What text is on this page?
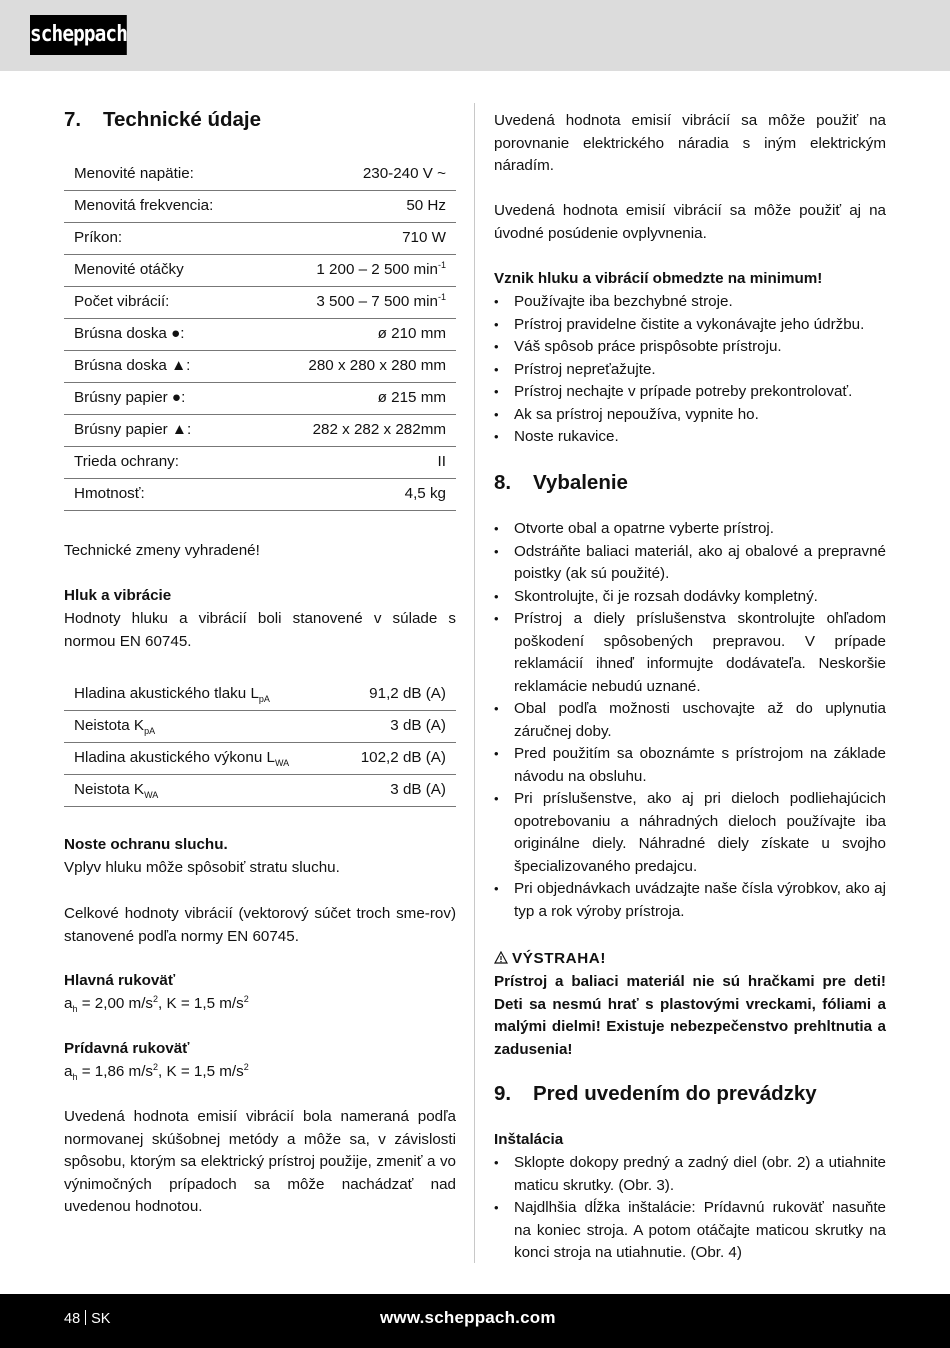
scheppach
7.	Technické údaje
Menovité napätie:	230-240 V ~
Menovitá frekvencia:	50 Hz
Príkon:	710 W
Menovité otáčky	1 200 – 2 500 $\min^{-1}$
Počet vibrácií:	3 500 – 7 500 $\min^{-1}$
Brúsna doska ●:	ø 210 mm
Brúsna doska ▲:	280 x 280 x 280 mm
Brúsny papier ●:	ø 215 mm
Brúsny papier ▲:	282 x 282 x 282mm
Trieda ochrany:	II
Hmotnosť:	4,5 kg

Technické zmeny vyhradené!

Hluk a vibrácie

Hodnoty hluku a vibrácií boli stanovené v súlade s normou EN 60745.

Hladina akustického tlaku $L_{pA}$	91,2 dB (A)
Neistota $K_{pA}$	3 dB (A)
Hladina akustického výkonu $L_{WA}$	102,2 dB (A)
Neistota $K_{WA}$	3 dB (A)

Noste ochranu sluchu.

Vplyv hluku môže spôsobiť stratu sluchu.

Celkové hodnoty vibrácií (vektorový súčet troch sme-rov) stanovené podľa normy EN 60745.

Hlavná rukoväť

$a_h = 2,00$ $m/s^2$, K = 1,5 $m/s^2$

Prídavná rukoväť

$a_h = 1,86$ $m/s^2$, K = 1,5 $m/s^2$

Uvedená hodnota emisií vibrácií bola nameraná podľa normovanej skúšobnej metódy a môže sa, v závislosti spôsobu, ktorým sa elektrický prístroj použije, zmeniť a vo výnimočných prípadoch sa môže nachádzať nad uvedenou hodnotou.

Uvedená hodnota emisií vibrácií sa môže použiť na porovnanie elektrického náradia s iným elektrickým náradím.

Uvedená hodnota emisií vibrácií sa môže použiť aj na úvodné posúdenie ovplyvnenia.

Vznik hluku a vibrácií obmedzte na minimum!

• Používajte iba bezchybné stroje.
• Prístroj pravidelne čistite a vykonávajte jeho údržbu.
• Váš spôsob práce prispôsobte prístroju.
• Prístroj nepreťažujte.
• Prístroj nechajte v prípade potreby prekontrolovať.
• Ak sa prístroj nepoužíva, vypnite ho.
• Noste rukavice.
8.	Vybalenie
• Otvorte obal a opatrne vyberte prístroj.
• Odstráňte baliaci materiál, ako aj obalové a prepravné poistky (ak sú použité).
• Skontrolujte, či je rozsah dodávky kompletný.
• Prístroj a diely príslušenstva skontrolujte ohľadom poškodení spôsobených prepravou. V prípade reklamácií ihneď informujte dodávateľa. Neskoršie reklamácie nebudú uznané.
• Obal podľa možnosti uschovajte až do uplynutia záručnej doby.
• Pred použitím sa oboznámte s prístrojom na základe návodu na obsluhu.
• Pri príslušenstve, ako aj pri dieloch podliehajúcich opotrebovaniu a náhradných dieloch používajte iba originálne diely. Náhradné diely získate u svojho špecializovaného predajcu.
• Pri objednávkach uvádzajte naše čísla výrobkov, ako aj typ a rok výroby prístroja.

VÝSTRAHA!

Prístroj a baliaci materiál nie sú hračkami pre deti! Deti sa nesmú hrať s plastovými vreckami, fóliami a malými dielmi! Existuje nebezpečenstvo prehltnutia a zadusenia!

9.	Pred uvedením do prevádzky

Inštalácia

• Sklopte dokopy predný a zadný diel (obr. 2) a utiahnite maticu skrutky. (Obr. 3).
• Najdlhšia dĺžka inštalácie: Prídavnú rukoväť nasuňte na koniec stroja. A potom otáčajte maticou skrutky na konci stroja na utiahnutie. (Obr. 4)
48 SK	www.scheppach.com
